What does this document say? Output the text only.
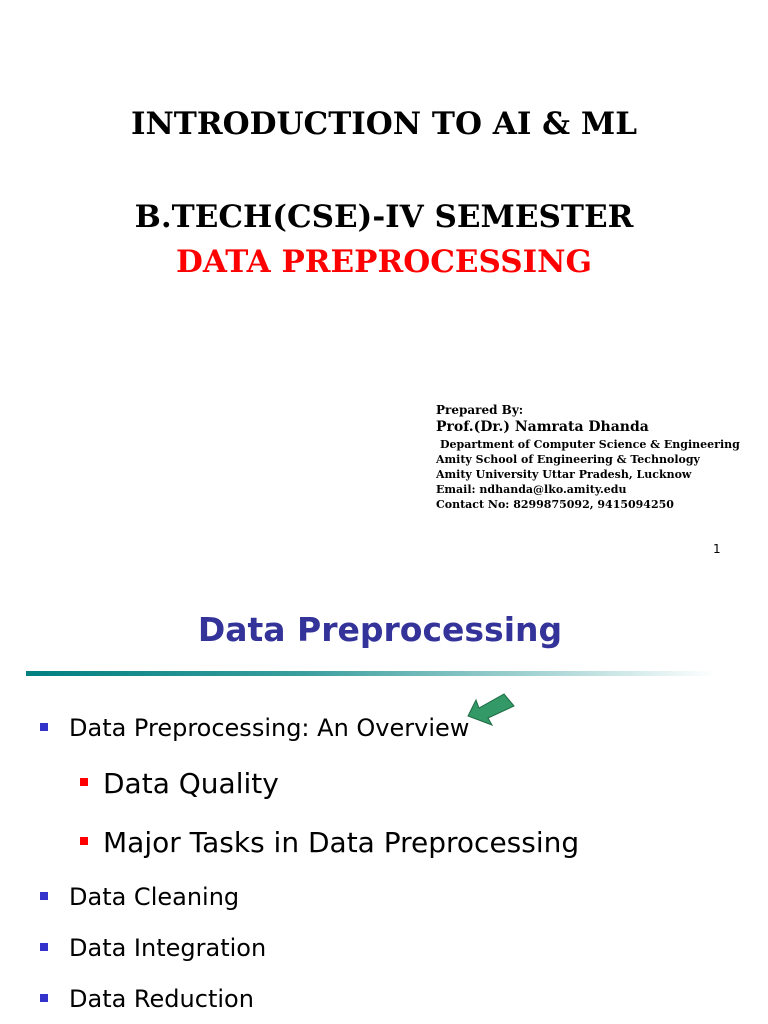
INTRODUCTION TO AI & ML
B.TECH(CSE)-IV SEMESTER
DATA PREPROCESSING
Prepared By:
Prof.(Dr.) Namrata Dhanda
Department of Computer Science & Engineering
Amity School of Engineering & Technology
Amity University Uttar Pradesh, Lucknow
Email: ndhanda@lko.amity.edu
Contact No: 8299875092, 9415094250
1
Data Preprocessing
Data Preprocessing: An Overview
Data Quality
Major Tasks in Data Preprocessing
Data Cleaning
Data Integration
Data Reduction
